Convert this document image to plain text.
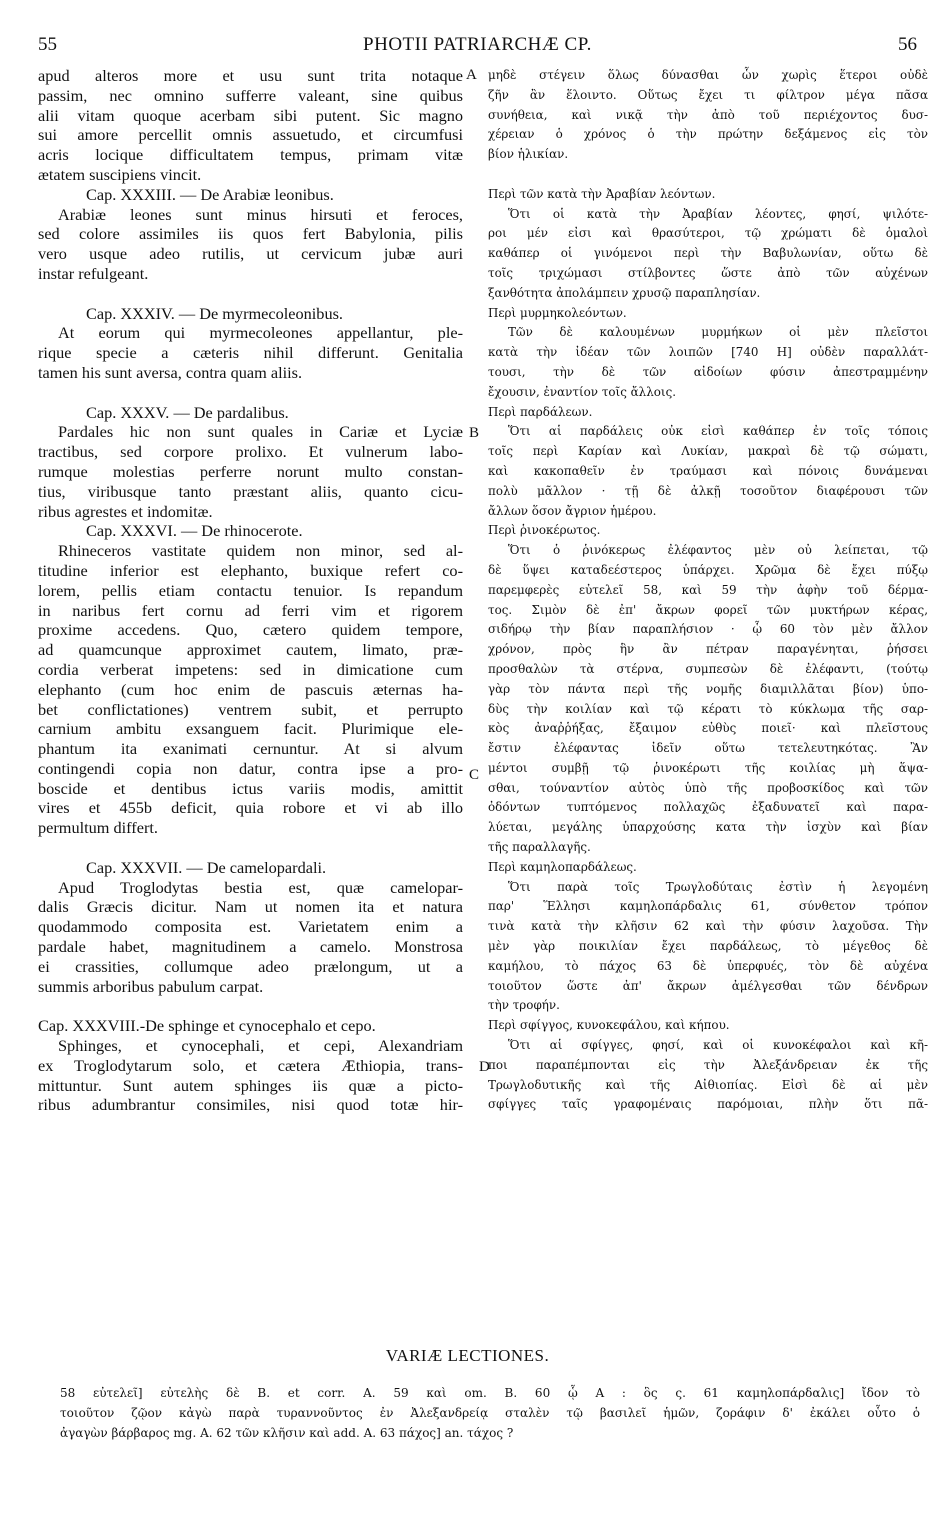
55	PHOTII PATRIARCHÆ CP.	56

apud alteros more et usu sunt trita notaque

passim, nec omnino sufferre valeant, sine quibus

alii vitam quoque acerbam sibi putent. Sic magno

sui amore percellit omnis assuetudo, et circumfusi

acris locique difficultatem tempus, primam vitæ

ætatem suscipiens vincit.

Cap. XXXIII. — De Arabiæ leonibus.

Arabiæ leones sunt minus hirsuti et feroces,

sed colore assimiles iis quos fert Babylonia, pilis

vero usque adeo rutilis, ut cervicum jubæ auri

instar refulgeant.

Cap. XXXIV. — De myrmecoleonibus.

At eorum qui myrmecoleones appellantur, ple-

rique specie a cæteris nihil differunt. Genitalia

tamen his sunt aversa, contra quam aliis.

Cap. XXXV. — De pardalibus.

Pardales hic non sunt quales in Cariæ et Lyciæ

tractibus, sed corpore prolixo. Et vulnerum labo-

rumque molestias perferre norunt multo constan-

tius, viribusque tanto præstant aliis, quanto cicu-

ribus agrestes et indomitæ.

Cap. XXXVI. — De rhinocerote.

Rhineceros vastitate quidem non minor, sed al-

titudine inferior est elephanto, buxique refert co-

lorem, pellis etiam contactu tenuior. Is repandum

in naribus fert cornu ad ferri vim et rigorem

proxime accedens. Quo, cætero quidem tempore,

ad quamcunque approximet cautem, limato, præ-

cordia verberat impetens: sed in dimicatione cum

elephanto (cum hoc enim de pascuis æternas ha-

bet conflictationes) ventrem subit, et perrupto

carnium ambitu exsanguem facit. Plurimique ele-

phantum ita exanimati cernuntur. At si alvum

contingendi copia non datur, contra ipse a pro-

boscide et dentibus ictus variis modis, amittit

vires et 455b deficit, quia robore et vi ab illo

permultum differt.

Cap. XXXVII. — De camelopardali.

Apud Troglodytas bestia est, quæ camelopar-

dalis Græcis dicitur. Nam ut nomen ita et natura

quodammodo composita est. Varietatem enim a

pardale habet, magnitudinem a camelo. Monstrosa

ei crassities, collumque adeo prælongum, ut a

summis arboribus pabulum carpat.

Cap. XXXVIII.-De sphinge et cynocephalo et cepo.

Sphinges, et cynocephali, et cepi, Alexandriam

ex Troglodytarum solo, et cætera Æthiopia, trans-

mittuntur. Sunt autem sphinges iis quæ a picto-

ribus adumbrantur consimiles, nisi quod totæ hir-

μηδὲ στέγειν ὅλως δύνασθαι ὧν χωρὶς ἕτεροι οὐδὲ

ζῆν ἂν ἕλοιντο. Οὕτως ἔχει τι φίλτρον μέγα πᾶσα

συνήθεια, καὶ νικᾷ τὴν ἀπὸ τοῦ περιέχοντος δυσ-

χέρειαν ὁ χρόνος ὁ τὴν πρώτην δεξάμενος εἰς τὸν

βίον ἡλικίαν.

Περὶ τῶν κατὰ τὴν Ἀραβίαν λεόντων.

Ὅτι οἱ κατὰ τὴν Ἀραβίαν λέοντες, φησί, ψιλότε-

ροι μέν εἰσι καὶ θρασύτεροι, τῷ χρώματι δὲ ὁμαλοὶ

καθάπερ οἱ γινόμενοι περὶ τὴν Βαβυλωνίαν, οὕτω δὲ

τοῖς τριχώμασι στίλβοντες ὥστε ἀπὸ τῶν αὐχένων

ξανθότητα ἀπολάμπειν χρυσῷ παραπλησίαν.

Περὶ μυρμηκολεόντων.

Τῶν δὲ καλουμένων μυρμήκων οἱ μὲν πλεῖστοι

κατὰ τὴν ἰδέαν τῶν λοιπῶν [740 H] οὐδὲν παραλλάτ-

τουσι, τὴν δὲ τῶν αἰδοίων φύσιν ἀπεστραμμένην

ἔχουσιν, ἐναντίον τοῖς ἄλλοις.

Περὶ παρδάλεων.

Ὅτι αἱ παρδάλεις οὐκ εἰσὶ καθάπερ ἐν τοῖς τόποις

τοῖς περὶ Καρίαν καὶ Λυκίαν, μακραὶ δὲ τῷ σώματι,

καὶ κακοπαθεῖν ἐν τραύμασι καὶ πόνοις δυνάμεναι

πολὺ μᾶλλον · τῇ δὲ ἀλκῇ τοσοῦτον διαφέρουσι τῶν

ἄλλων ὅσον ἄγριον ἡμέρου.

Περὶ ῥινοκέρωτος.

Ὅτι ὁ ῥινόκερως ἐλέφαντος μὲν οὐ λείπεται, τῷ

δὲ ὕψει καταδεέστερος ὑπάρχει. Χρῶμα δὲ ἔχει πύξῳ

παρεμφερὲς εὐτελεῖ 58, καὶ 59 τὴν ἀφὴν τοῦ δέρμα-

τος. Σιμὸν δὲ ἐπ' ἄκρων φορεῖ τῶν μυκτήρων κέρας,

σιδήρῳ τὴν βίαν παραπλήσιον · ᾧ 60 τὸν μὲν ἄλλον

χρόνον, πρὸς ἣν ἂν πέτραν παραγένηται, ῥήσσει

προσθαλὼν τὰ στέρνα, συμπεσὼν δὲ ἐλέφαντι, (τούτῳ

γὰρ τὸν πάντα περὶ τῆς νομῆς διαμιλλᾶται βίον) ὑπο-

δὺς τὴν κοιλίαν καὶ τῷ κέρατι τὸ κύκλωμα τῆς σαρ-

κὸς ἀναῤῥήξας, ἔξαιμον εὐθὺς ποιεῖ· καὶ πλεῖστους

ἔστιν ἐλέφαντας ἰδεῖν οὕτω τετελευτηκότας. Ἂν

μέντοι συμβῇ τῷ ῥινοκέρωτι τῆς κοιλίας μὴ ἅψα-

σθαι, τούναντίον αὐτὸς ὑπὸ τῆς προβοσκίδος καὶ τῶν

ὀδόντων τυπτόμενος πολλαχῶς ἐξαδυνατεῖ καὶ παρα-

λύεται, μεγάλης ὑπαρχούσης κατα τὴν ἰσχὺν καὶ βίαν

τῆς παραλλαγῆς.

Περὶ καμηλοπαρδάλεως.

Ὅτι παρὰ τοῖς Τρωγλοδύταις ἐστὶν ἡ λεγομένη

παρ' Ἕλλησι καμηλοπάρδαλις 61, σύνθετον τρόπον

τινὰ κατὰ τὴν κλῆσιν 62 καὶ τὴν φύσιν λαχοῦσα. Τὴν

μὲν γὰρ ποικιλίαν ἔχει παρδάλεως, τὸ μέγεθος δὲ

καμήλου, τὸ πάχος 63 δὲ ὑπερφυές, τὸν δὲ αὐχένα

τοιοῦτον ὥστε ἀπ' ἄκρων ἀμέλγεσθαι τῶν δένδρων

τὴν τροφήν.

Περὶ σφίγγος, κυνοκεφάλου, καὶ κήπου.

Ὅτι αἱ σφίγγες, φησί, καὶ οἱ κυνοκέφαλοι καὶ κῆ-

ποι παραπέμπονται εἰς τὴν Ἀλεξάνδρειαν ἐκ τῆς

Τρωγλοδυτικῆς καὶ τῆς Αἰθιοπίας. Εἰσὶ δὲ αἱ μὲν

σφίγγες ταῖς γραφομέναις παρόμοιαι, πλὴν ὅτι πᾶ-

A
B
C
D
VARIÆ LECTIONES.

58 εὐτελεῖ] εὐτελὴς δὲ B. et corr. A. 59 καὶ om. B. 60 ᾧ A : ὃς ς. 61 καμηλοπάρδαλις] ἴδον τὸ

τοιοῦτον ζῷον κἀγὼ παρὰ τυραννοῦντος ἐν Ἀλεξανδρείᾳ σταλὲν τῷ βασιλεῖ ἡμῶν, ζοράφιν δ' ἐκάλει οὗτο ὁ

ἀγαγὼν βάρβαρος mg. A. 62 τῶν κλῆσιν καὶ add. A. 63 πάχος] an. τάχος ?
